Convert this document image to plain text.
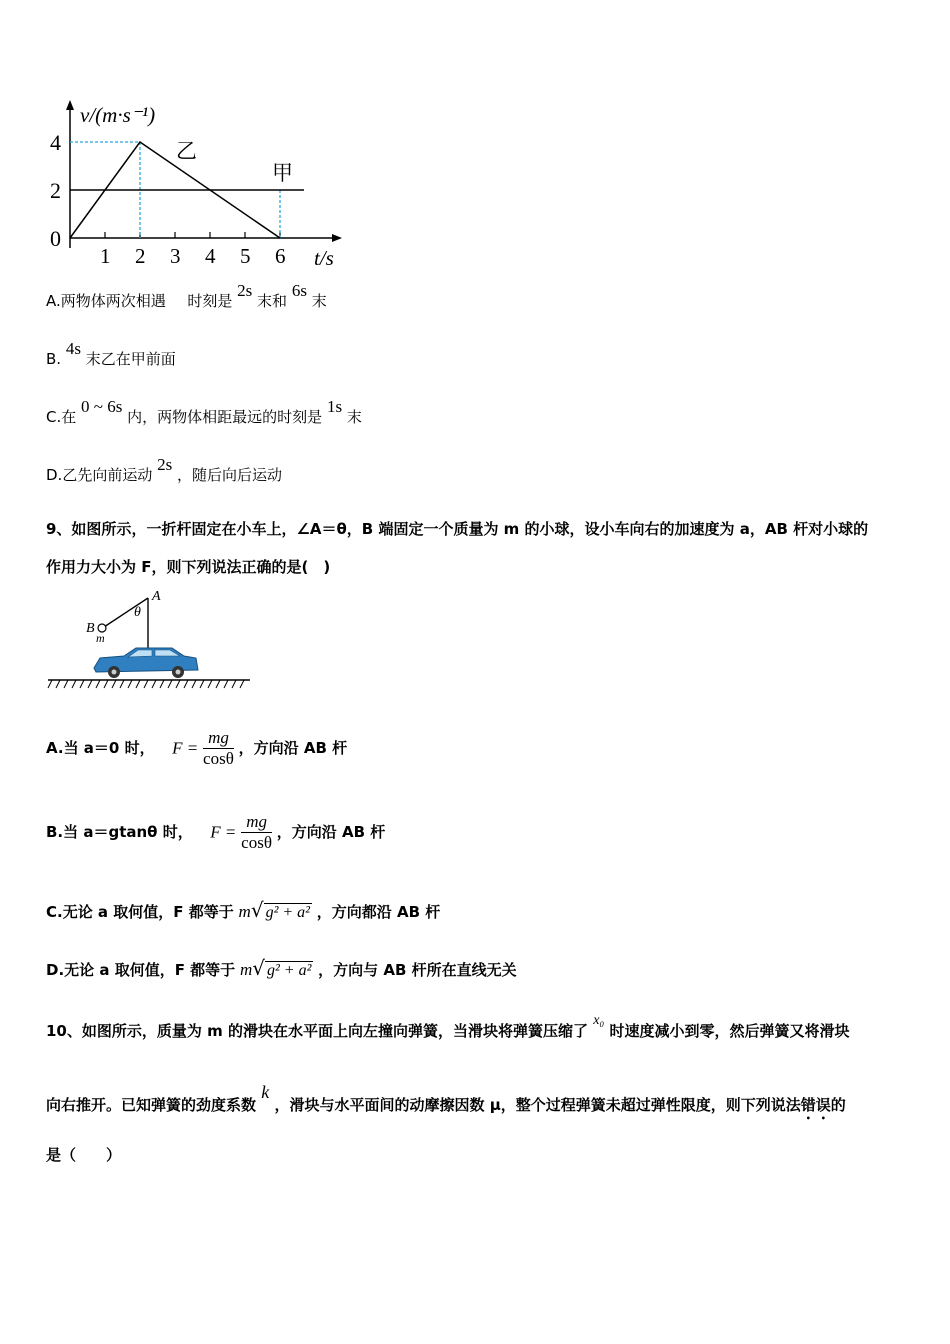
v/(m·s⁻¹)
t/s
4
2
0
1 2 3 4 5 6
乙
甲
A.两物体两次相遇 时刻是 2s 末和 6s 末
B. 4s 末乙在甲前面
C.在 0 ~ 6s 内，两物体相距最远的时刻是 1s 末
D.乙先向前运动 2s ，随后向后运动
9、如图所示，一折杆固定在小车上，∠A＝θ，B 端固定一个质量为 m 的小球，设小车向右的加速度为 a，AB 杆对小球的
作用力大小为 F，则下列说法正确的是(　)
A
θ
B
m
A.当 a＝0 时， $F = \frac{mg}{\cos\theta}$ ，方向沿 AB 杆
B.当 a＝gtanθ 时， $F = \frac{mg}{\cos\theta}$ ，方向沿 AB 杆
C.无论 a 取何值，F 都等于 m√ g² + a² ，方向都沿 AB 杆
D.无论 a 取何值，F 都等于 m√ g² + a² ，方向与 AB 杆所在直线无关
10、如图所示，质量为 m 的滑块在水平面上向左撞向弹簧，当滑块将弹簧压缩了 x₀ 时速度减小到零，然后弹簧又将滑块
向右推开。已知弹簧的劲度系数 k ，滑块与水平面间的动摩擦因数 μ，整个过程弹簧未超过弹性限度，则下列说法错误的
是（　　）
